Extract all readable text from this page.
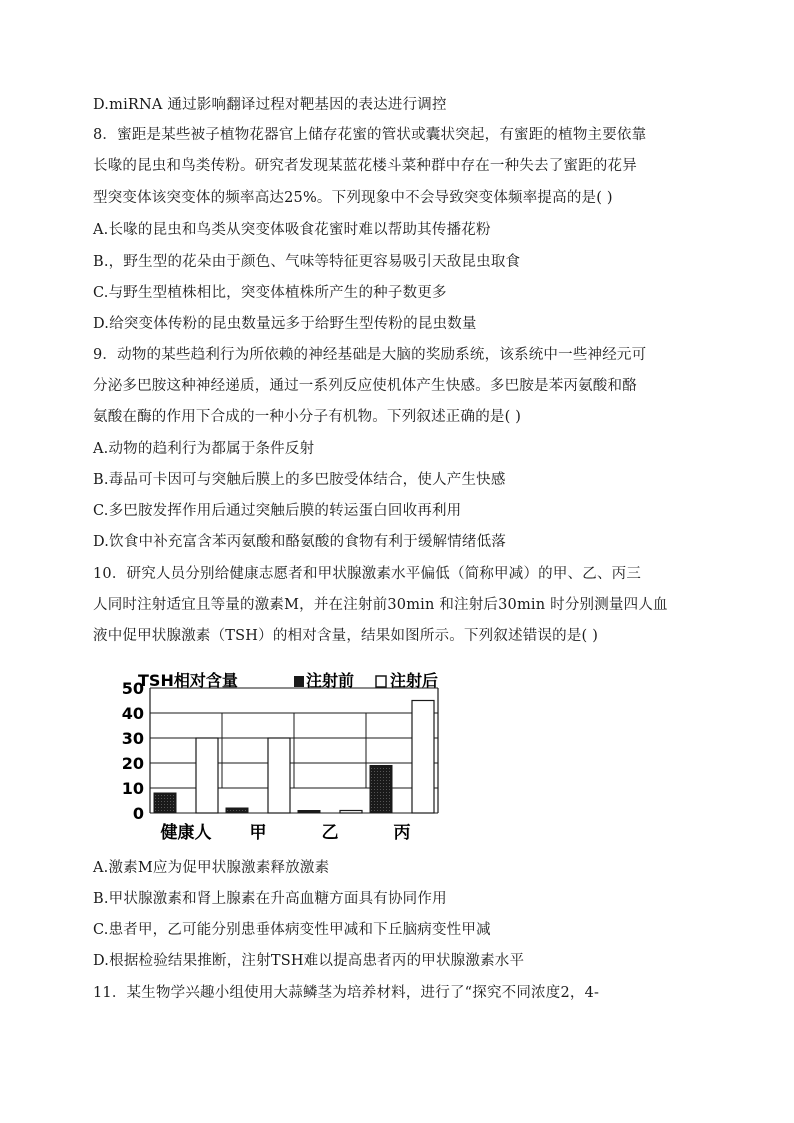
D.miRNA 通过影响翻译过程对靶基因的表达进行调控
8．蜜距是某些被子植物花器官上储存花蜜的管状或囊状突起，有蜜距的植物主要依靠
长喙的昆虫和鸟类传粉。研究者发现某蓝花楼斗菜种群中存在一种失去了蜜距的花异
型突变体该突变体的频率高达25%。下列现象中不会导致突变体频率提高的是( )
A.长喙的昆虫和鸟类从突变体吸食花蜜时难以帮助其传播花粉
B.，野生型的花朵由于颜色、气味等特征更容易吸引天敌昆虫取食
C.与野生型植株相比，突变体植株所产生的种子数更多
D.给突变体传粉的昆虫数量远多于给野生型传粉的昆虫数量
9．动物的某些趋利行为所依赖的神经基础是大脑的奖励系统，该系统中一些神经元可
分泌多巴胺这种神经递质，通过一系列反应使机体产生快感。多巴胺是苯丙氨酸和酪
氨酸在酶的作用下合成的一种小分子有机物。下列叙述正确的是( )
A.动物的趋利行为都属于条件反射
B.毒品可卡因可与突触后膜上的多巴胺受体结合，使人产生快感
C.多巴胺发挥作用后通过突触后膜的转运蛋白回收再利用
D.饮食中补充富含苯丙氨酸和酪氨酸的食物有利于缓解情绪低落
10．研究人员分别给健康志愿者和甲状腺激素水平偏低（简称甲减）的甲、乙、丙三
人同时注射适宜且等量的激素M，并在注射前30min 和注射后30min 时分别测量四人血
液中促甲状腺激素（TSH）的相对含量，结果如图所示。下列叙述错误的是( )
TSH相对含量	注射前 注射后
0
10
20
30
40
50
健康人 甲	乙	丙
A.激素M应为促甲状腺激素释放激素
B.甲状腺激素和肾上腺素在升高血糖方面具有协同作用
C.患者甲，乙可能分别患垂体病变性甲减和下丘脑病变性甲减
D.根据检验结果推断，注射TSH难以提高患者丙的甲状腺激素水平
11．某生物学兴趣小组使用大蒜鳞茎为培养材料，进行了“探究不同浓度2，4-
